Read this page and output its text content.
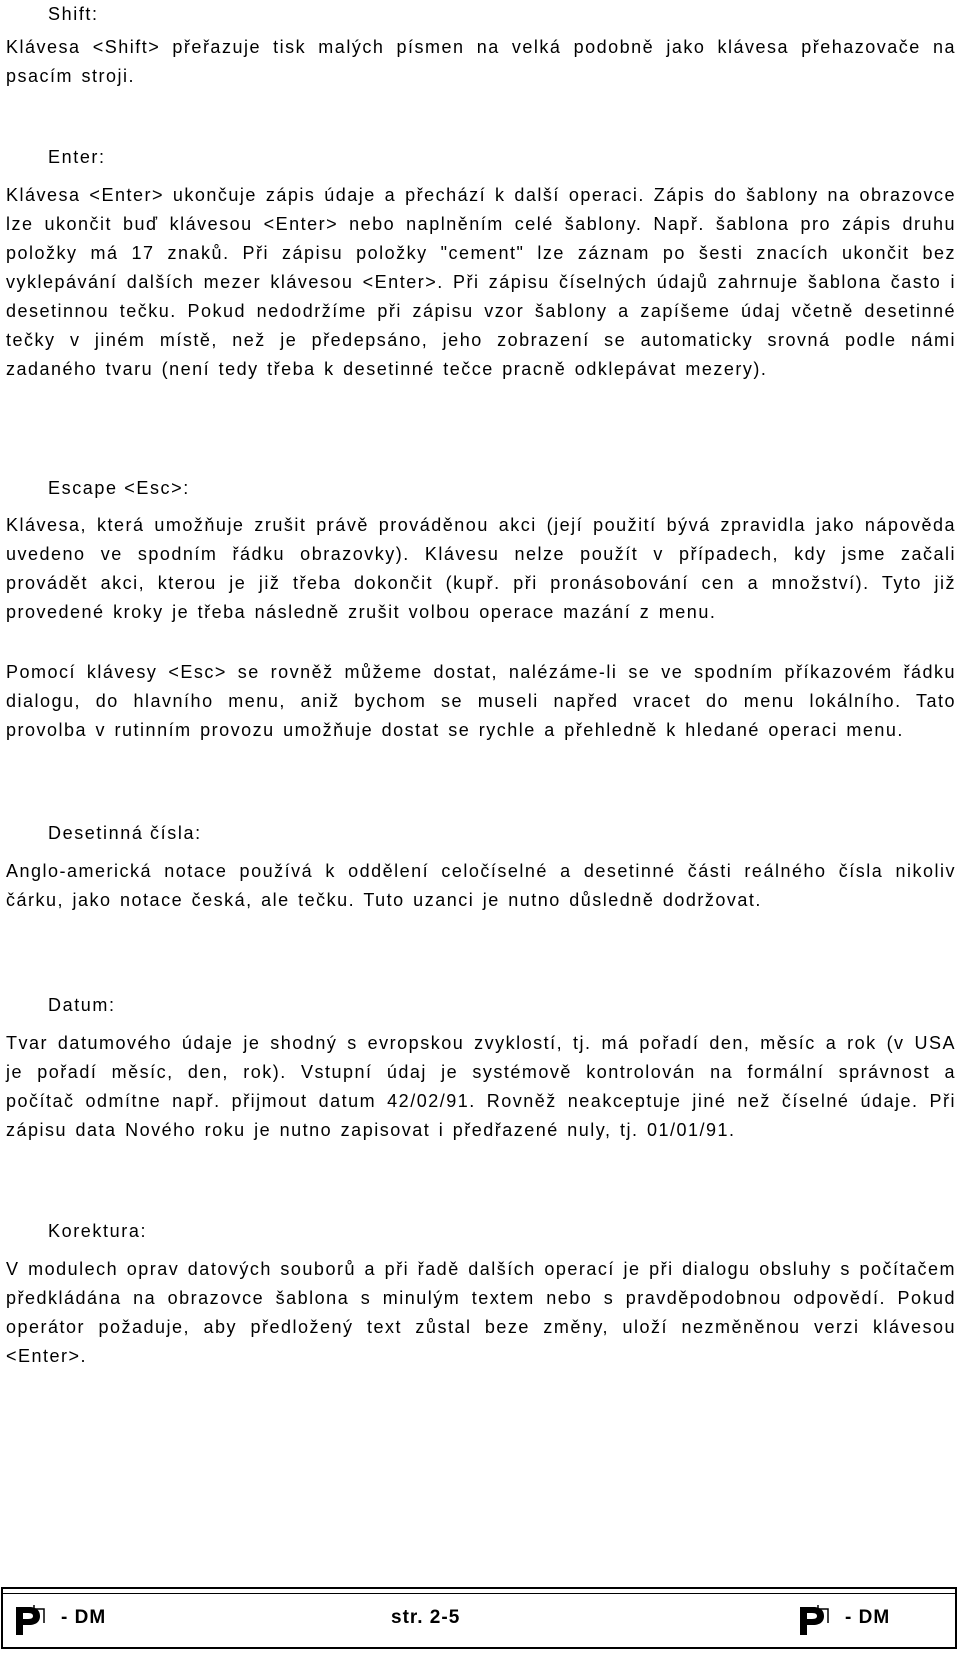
Shift:
Klávesa <Shift> přeřazuje tisk malých písmen na velká podobně jako klávesa přehazovače na psacím stroji.
Enter:
Klávesa <Enter> ukončuje zápis údaje a přechází k další operaci. Zápis do šablony na obrazovce lze ukončit buď klávesou <Enter> nebo naplněním celé šablony. Např. šablona pro zápis druhu položky má 17 znaků. Při zápisu položky "cement" lze záznam po šesti znacích ukončit bez vyklepávání dalších mezer klávesou <Enter>. Při zápisu číselných údajů zahrnuje šablona často i desetinnou tečku. Pokud nedodržíme při zápisu vzor šablony a zapíšeme údaj včetně desetinné tečky v jiném místě, než je předepsáno, jeho zobrazení se automaticky srovná podle námi zadaného tvaru (není tedy třeba k desetinné tečce pracně odklepávat mezery).
Escape <Esc>:
Klávesa, která umožňuje zrušit právě prováděnou akci (její použití bývá zpravidla jako nápověda uvedeno ve spodním řádku obrazovky). Klávesu nelze použít v případech, kdy jsme začali provádět akci, kterou je již třeba dokončit (kupř. při pronásobování cen a množství). Tyto již provedené kroky je třeba následně zrušit volbou operace mazání z menu.
Pomocí klávesy <Esc> se rovněž můžeme dostat, nalézáme-li se ve spodním příkazovém řádku dialogu, do hlavního menu, aniž bychom se museli napřed vracet do menu lokálního. Tato provolba v rutinním provozu umožňuje dostat se rychle a přehledně k hledané operaci menu.
Desetinná čísla:
Anglo-americká notace používá k oddělení celočíselné a desetinné části reálného čísla nikoliv čárku, jako notace česká, ale tečku. Tuto uzanci je nutno důsledně dodržovat.
Datum:
Tvar datumového údaje je shodný s evropskou zvyklostí, tj. má pořadí den, měsíc a rok (v USA je pořadí měsíc, den, rok). Vstupní údaj je systémově kontrolován na formální správnost a počítač odmítne např. přijmout datum 42/02/91. Rovněž neakceptuje jiné než číselné údaje. Při zápisu data Nového roku je nutno zapisovat i předřazené nuly, tj. 01/01/91.
Korektura:
V modulech oprav datových souborů a při řadě dalších operací je při dialogu obsluhy s počítačem předkládána na obrazovce šablona s minulým textem nebo s pravděpodobnou odpovědí. Pokud operátor požaduje, aby předložený text zůstal beze změny, uloží nezměněnou verzi klávesou <Enter>.
- DM	str. 2-5	- DM
